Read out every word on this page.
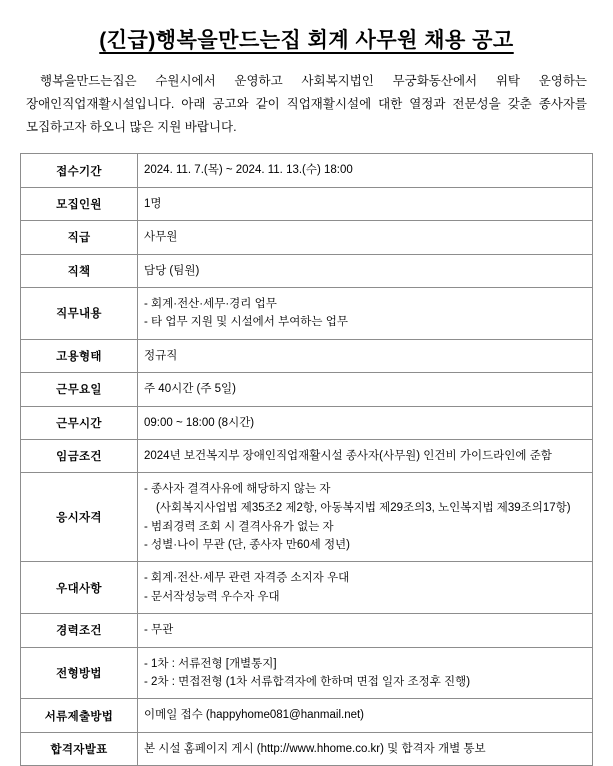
(긴급)행복을만드는집 회계 사무원 채용 공고

행복을만드는집은 수원시에서 운영하고 사회복지법인 무궁화동산에서 위탁 운영하는 장애인직업재활시설입니다. 아래 공고와 같이 직업재활시설에 대한 열정과 전문성을 갖춘 종사자를 모집하고자 하오니 많은 지원 바랍니다.

접수기간	2024. 11. 7.(목) ~ 2024. 11. 13.(수) 18:00

모집인원	1명

직급	사무원

직책	담당 (팀원)

직무내용	- 회계·전산·세무·경리 업무
- 타 업무 지원 및 시설에서 부여하는 업무

고용형태	정규직

근무요일	주 40시간 (주 5일)

근무시간	09:00 ~ 18:00 (8시간)

임금조건	2024년 보건복지부 장애인직업재활시설 종사자(사무원) 인건비 가이드라인에 준함

응시자격	- 종사자 결격사유에 해당하지 않는 자
(사회복지사업법 제35조2 제2항, 아동복지법 제29조의3, 노인복지법 제39조의17항)
- 범죄경력 조회 시 결격사유가 없는 자
- 성별·나이 무관 (단, 종사자 만60세 정년)

우대사항	- 회계·전산·세무 관련 자격증 소지자 우대
- 문서작성능력 우수자 우대

경력조건	- 무관

전형방법	- 1차 : 서류전형 [개별통지]
- 2차 : 면접전형 (1차 서류합격자에 한하며 면접 일자 조정후 진행)

서류제출방법	이메일 접수 (happyhome081@hanmail.net)

합격자발표	본 시설 홈페이지 게시 (http://www.hhome.co.kr) 및 합격자 개별 통보
